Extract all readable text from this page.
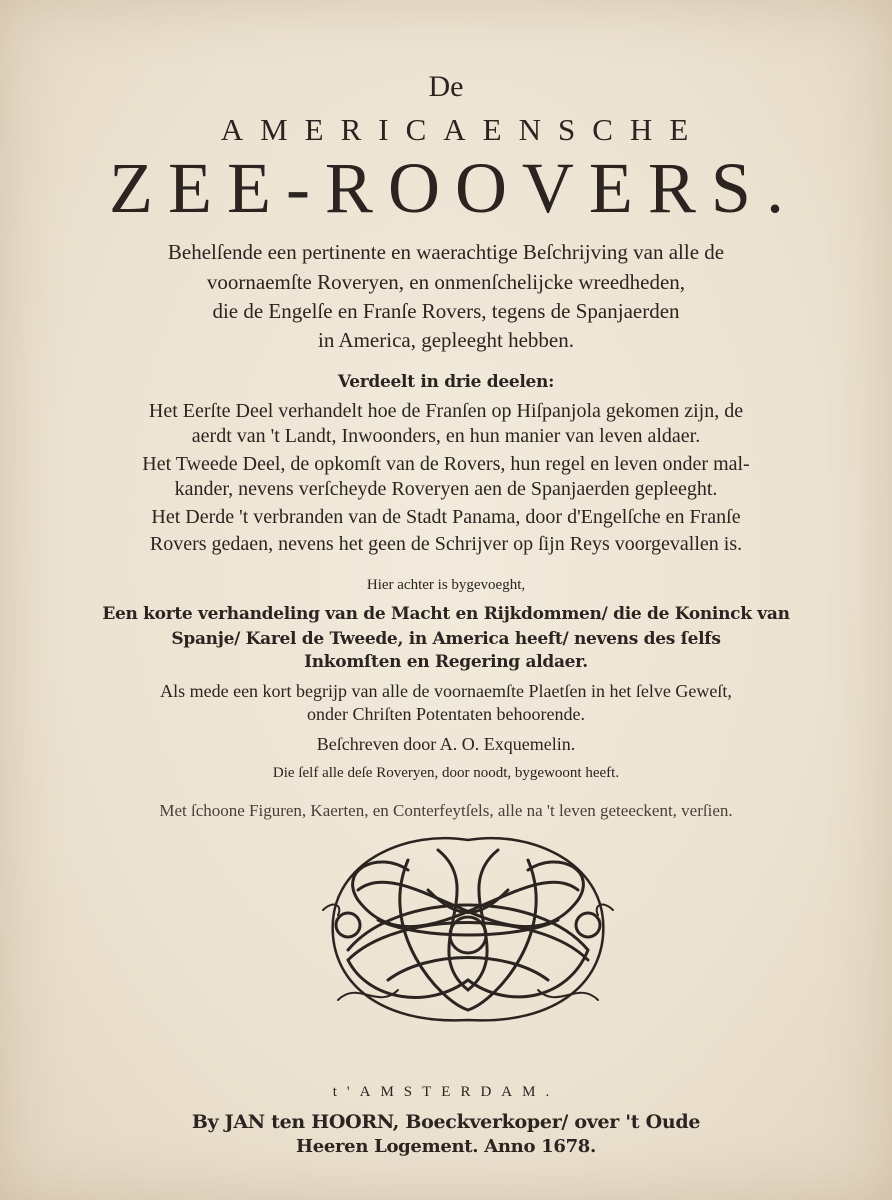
De
AMERICAENSCHE
ZEE-ROOVERS.
Behelſende een pertinente en waerachtige Beſchrijving van alle de
voornaemſte Roveryen, en onmenſchelijcke wreedheden,
die de Engelſe en Franſe Rovers, tegens de Spanjaerden
in America, gepleeght hebben.
Verdeelt in drie deelen:
Het Eerſte Deel verhandelt hoe de Franſen op Hiſpanjola gekomen zijn, de
aerdt van 't Landt, Inwoonders, en hun manier van leven aldaer.
Het Tweede Deel, de opkomſt van de Rovers, hun regel en leven onder mal-
kander, nevens verſcheyde Roveryen aen de Spanjaerden gepleeght.
Het Derde 't verbranden van de Stadt Panama, door d'Engelſche en Franſe
Rovers gedaen, nevens het geen de Schrijver op ſijn Reys voorgevallen is.
Hier achter is bygevoeght,
Een korte verhandeling van de Macht en Rijkdommen/ die de Koninck van
Spanje/ Karel de Tweede, in America heeft/ nevens des ſelfs
Inkomſten en Regering aldaer.
Als mede een kort begrijp van alle de voornaemſte Plaetſen in het ſelve Geweſt,
onder Chriſten Potentaten behoorende.
Beſchreven door A. O. Exquemelin.
Die ſelf alle deſe Roveryen, door noodt, bygewoont heeft.
Met ſchoone Figuren, Kaerten, en Conterfeytſels, alle na 't leven geteeckent, verſien.
t'AMSTERDAM.
By JAN ten HOORN, Boeckverkoper/ over 't Oude
Heeren Logement. Anno 1678.
